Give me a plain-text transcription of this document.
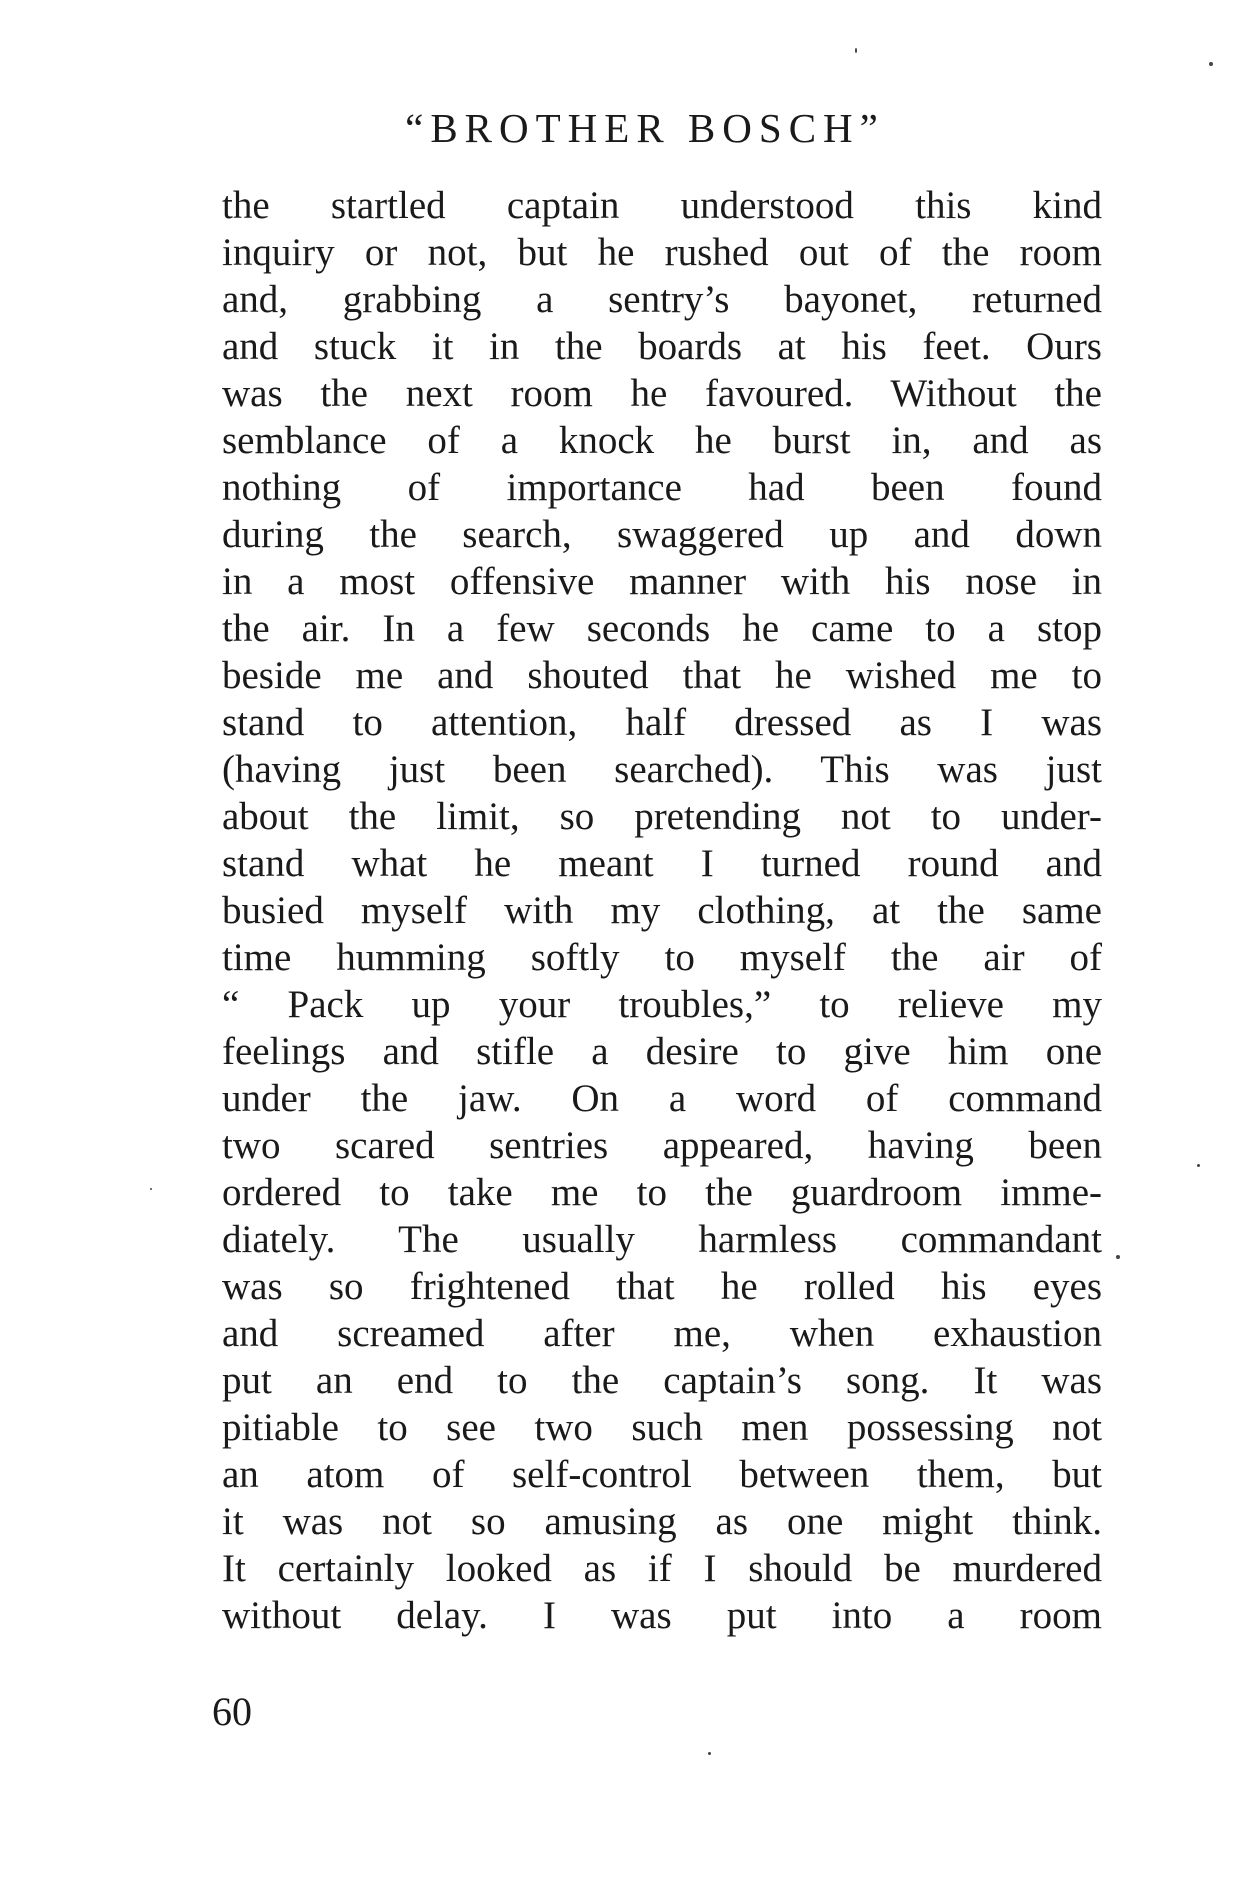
“BROTHER BOSCH”
the startled captain understood this kind
inquiry or not, but he rushed out of the room
and, grabbing a sentry’s bayonet, returned
and stuck it in the boards at his feet. Ours
was the next room he favoured. Without the
semblance of a knock he burst in, and as
nothing of importance had been found
during the search, swaggered up and down
in a most offensive manner with his nose in
the air. In a few seconds he came to a stop
beside me and shouted that he wished me to
stand to attention, half dressed as I was
(having just been searched). This was just
about the limit, so pretending not to under-
stand what he meant I turned round and
busied myself with my clothing, at the same
time humming softly to myself the air of
“ Pack up your troubles,” to relieve my
feelings and stifle a desire to give him one
under the jaw. On a word of command
two scared sentries appeared, having been
ordered to take me to the guardroom imme-
diately. The usually harmless commandant
was so frightened that he rolled his eyes
and screamed after me, when exhaustion
put an end to the captain’s song. It was
pitiable to see two such men possessing not
an atom of self-control between them, but
it was not so amusing as one might think.
It certainly looked as if I should be murdered
without delay. I was put into a room
60
